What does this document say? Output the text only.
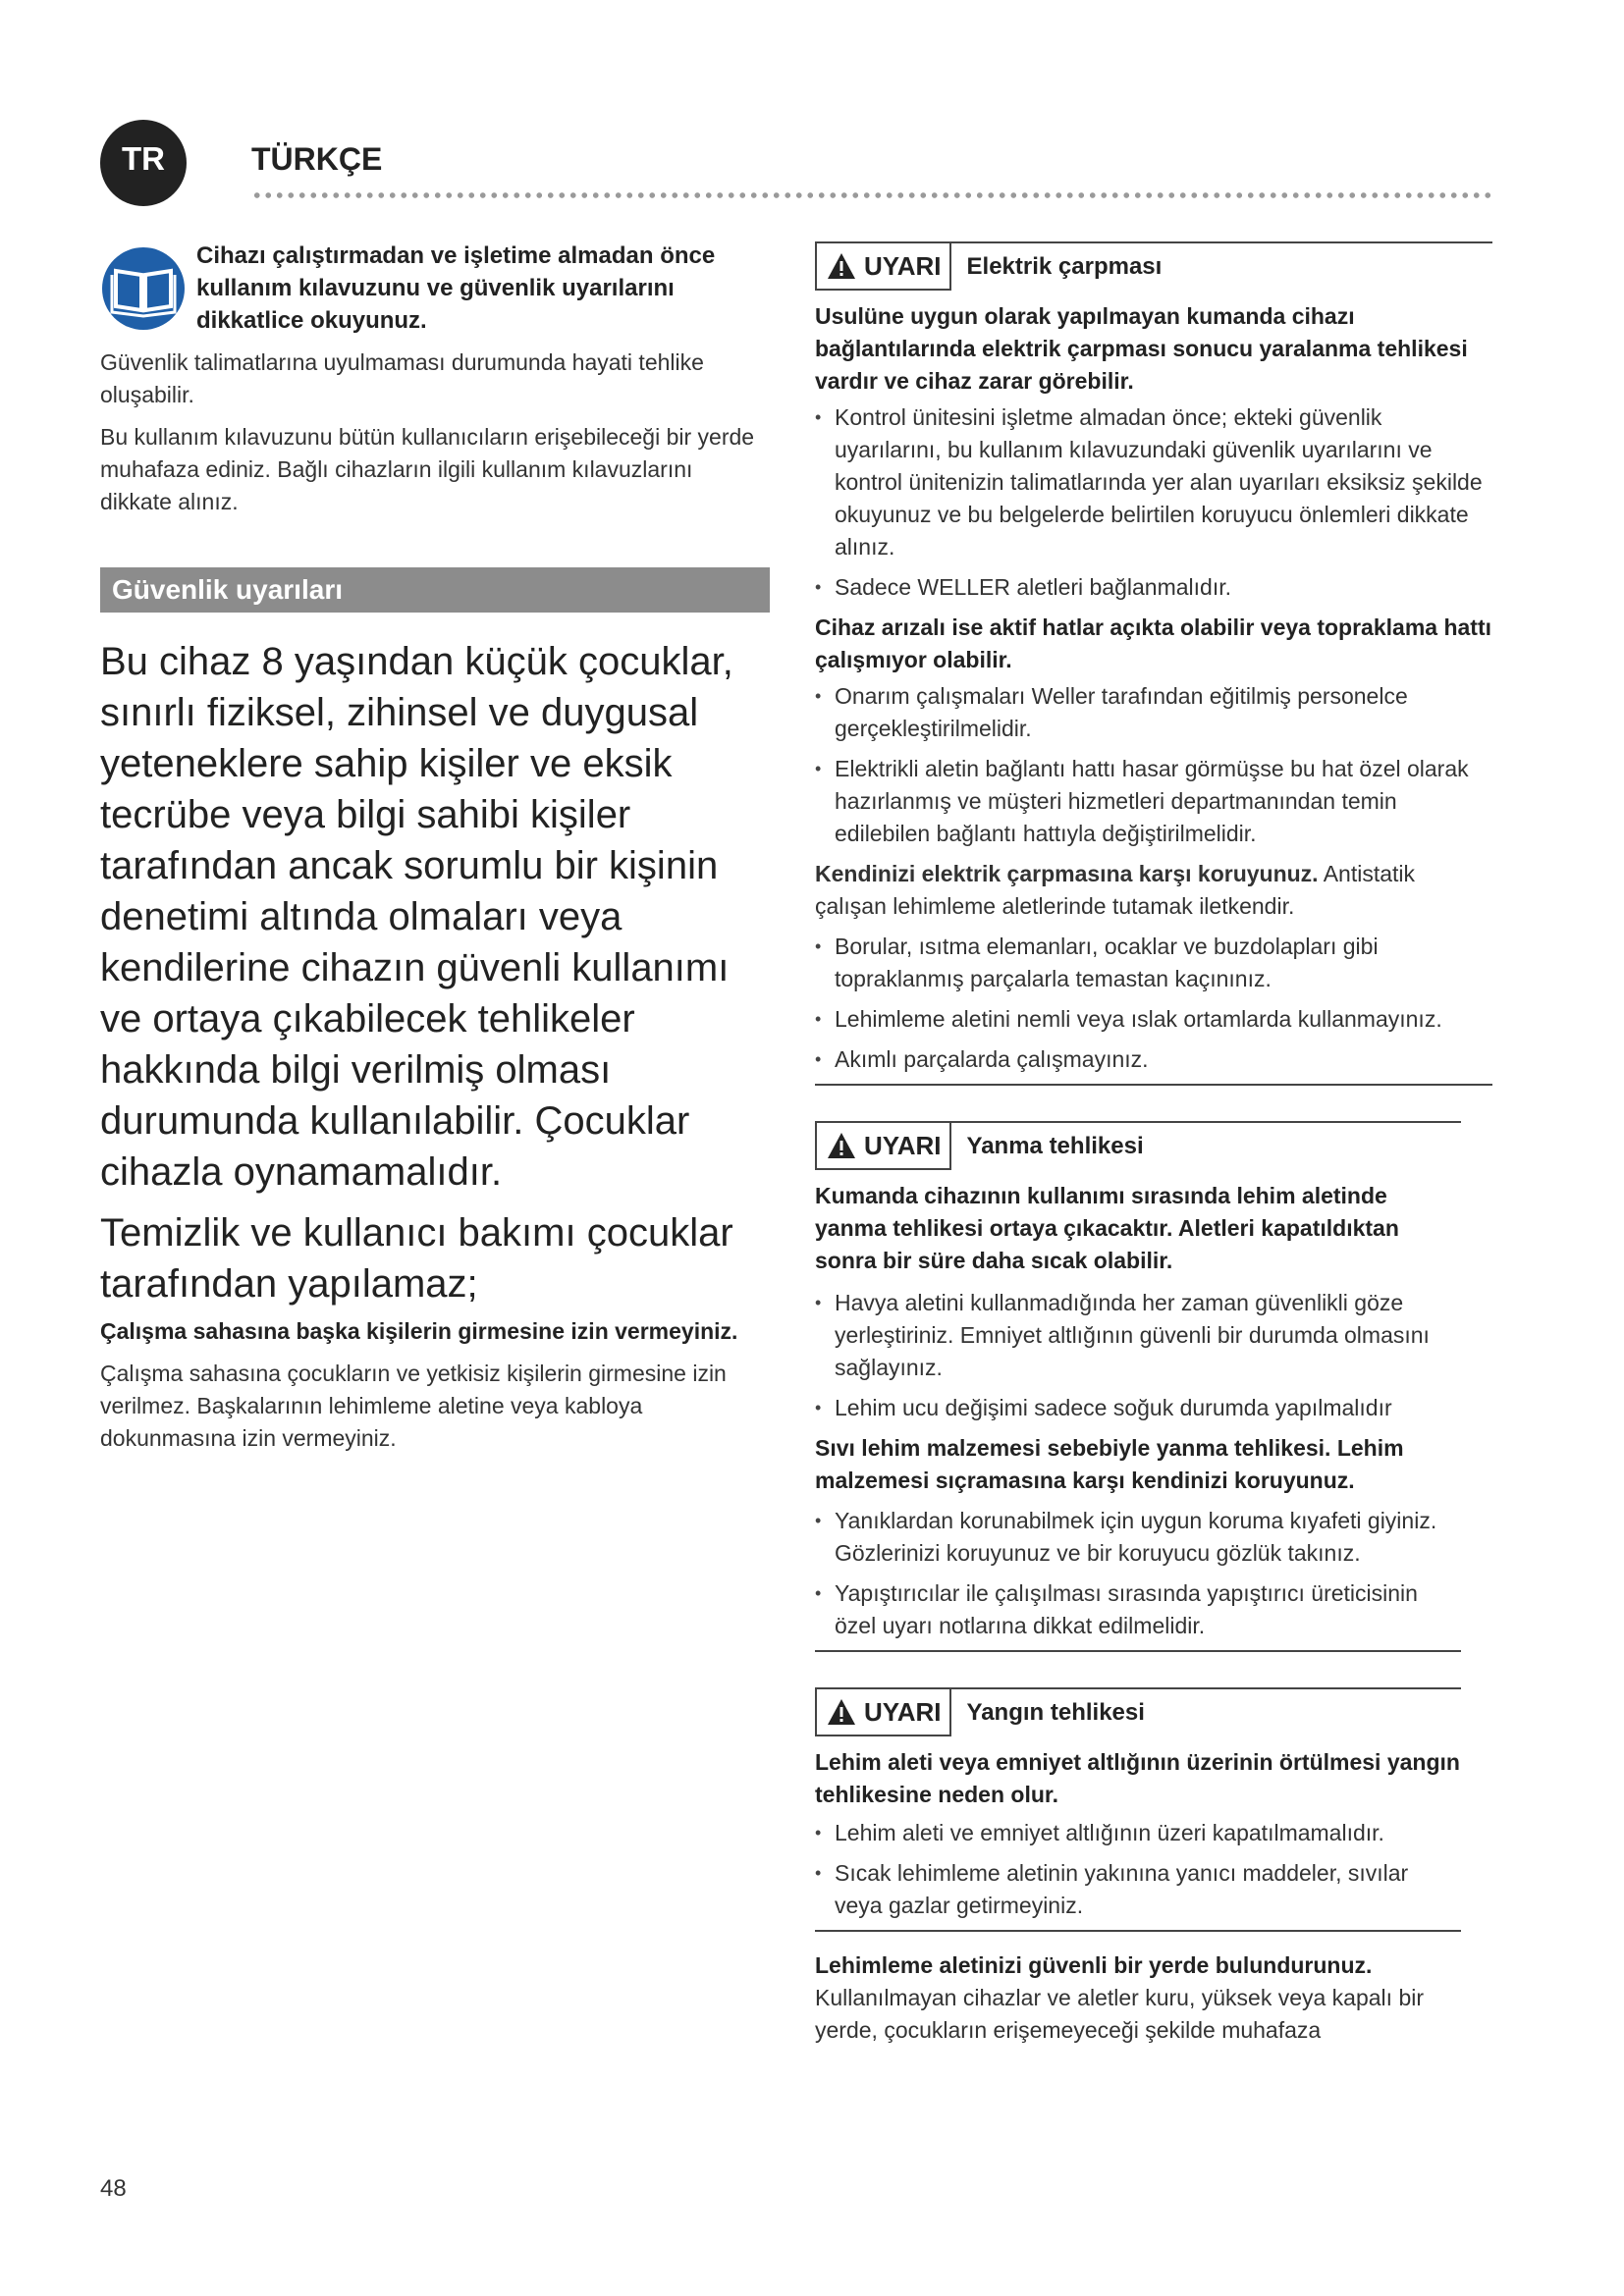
TR	TÜRKÇE
Cihazı çalıştırmadan ve işletime almadan önce kullanım kılavuzunu ve güvenlik uyarılarını dikkatlice okuyunuz.

Güvenlik talimatlarına uyulmaması durumunda hayati tehlike oluşabilir.

Bu kullanım kılavuzunu bütün kullanıcıların erişebileceği bir yerde muhafaza ediniz. Bağlı cihazların ilgili kullanım kılavuzlarını dikkate alınız.

Güvenlik uyarıları

Bu cihaz 8 yaşından küçük çocuklar, sınırlı fiziksel, zihinsel ve duygusal yeteneklere sahip kişiler ve eksik tecrübe veya bilgi sahibi kişiler tarafından ancak sorumlu bir kişinin denetimi altında olmaları veya kendilerine cihazın güvenli kullanımı ve ortaya çıkabilecek tehlikeler hakkında bilgi verilmiş olması durumunda kullanılabilir. Çocuklar cihazla oynamamalıdır.

Temizlik ve kullanıcı bakımı çocuklar tarafından yapılamaz;

Çalışma sahasına başka kişilerin girmesine izin vermeyiniz.

Çalışma sahasına çocukların ve yetkisiz kişilerin girmesine izin verilmez. Başkalarının lehimleme aletine veya kabloya dokunmasına izin vermeyiniz.

UYARI	Elektrik çarpması

Usulüne uygun olarak yapılmayan kumanda cihazı bağlantılarında elektrik çarpması sonucu yaralanma tehlikesi vardır ve cihaz zarar görebilir.

• Kontrol ünitesini işletme almadan önce; ekteki güvenlik uyarılarını, bu kullanım kılavuzundaki güvenlik uyarılarını ve kontrol ünitenizin talimatlarında yer alan uyarıları eksiksiz şekilde okuyunuz ve bu belgelerde belirtilen koruyucu önlemleri dikkate alınız.
• Sadece WELLER aletleri bağlanmalıdır.

Cihaz arızalı ise aktif hatlar açıkta olabilir veya topraklama hattı çalışmıyor olabilir.

• Onarım çalışmaları Weller tarafından eğitilmiş personelce gerçekleştirilmelidir.
• Elektrikli aletin bağlantı hattı hasar görmüşse bu hat özel olarak hazırlanmış ve müşteri hizmetleri departmanından temin edilebilen bağlantı hattıyla değiştirilmelidir.

Kendinizi elektrik çarpmasına karşı koruyunuz. Antistatik çalışan lehimleme aletlerinde tutamak iletkendir.

• Borular, ısıtma elemanları, ocaklar ve buzdolapları gibi topraklanmış parçalarla temastan kaçınınız.
• Lehimleme aletini nemli veya ıslak ortamlarda kullanmayınız.
• Akımlı parçalarda çalışmayınız.
UYARI	Yanma tehlikesi

Kumanda cihazının kullanımı sırasında lehim aletinde yanma tehlikesi ortaya çıkacaktır. Aletleri kapatıldıktan sonra bir süre daha sıcak olabilir.

• Havya aletini kullanmadığında her zaman güvenlikli göze yerleştiriniz. Emniyet altlığının güvenli bir durumda olmasını sağlayınız.
• Lehim ucu değişimi sadece soğuk durumda yapılmalıdır

Sıvı lehim malzemesi sebebiyle yanma tehlikesi. Lehim malzemesi sıçramasına karşı kendinizi koruyunuz.

• Yanıklardan korunabilmek için uygun koruma kıyafeti giyiniz. Gözlerinizi koruyunuz ve bir koruyucu gözlük takınız.
• Yapıştırıcılar ile çalışılması sırasında yapıştırıcı üreticisinin özel uyarı notlarına dikkat edilmelidir.
UYARI	Yangın tehlikesi

Lehim aleti veya emniyet altlığının üzerinin örtülmesi yangın tehlikesine neden olur.

• Lehim aleti ve emniyet altlığının üzeri kapatılmamalıdır.
• Sıcak lehimleme aletinin yakınına yanıcı maddeler, sıvılar veya gazlar getirmeyiniz.

Lehimleme aletinizi güvenli bir yerde bulundurunuz.

Kullanılmayan cihazlar ve aletler kuru, yüksek veya kapalı bir yerde, çocukların erişemeyeceği şekilde muhafaza

48
